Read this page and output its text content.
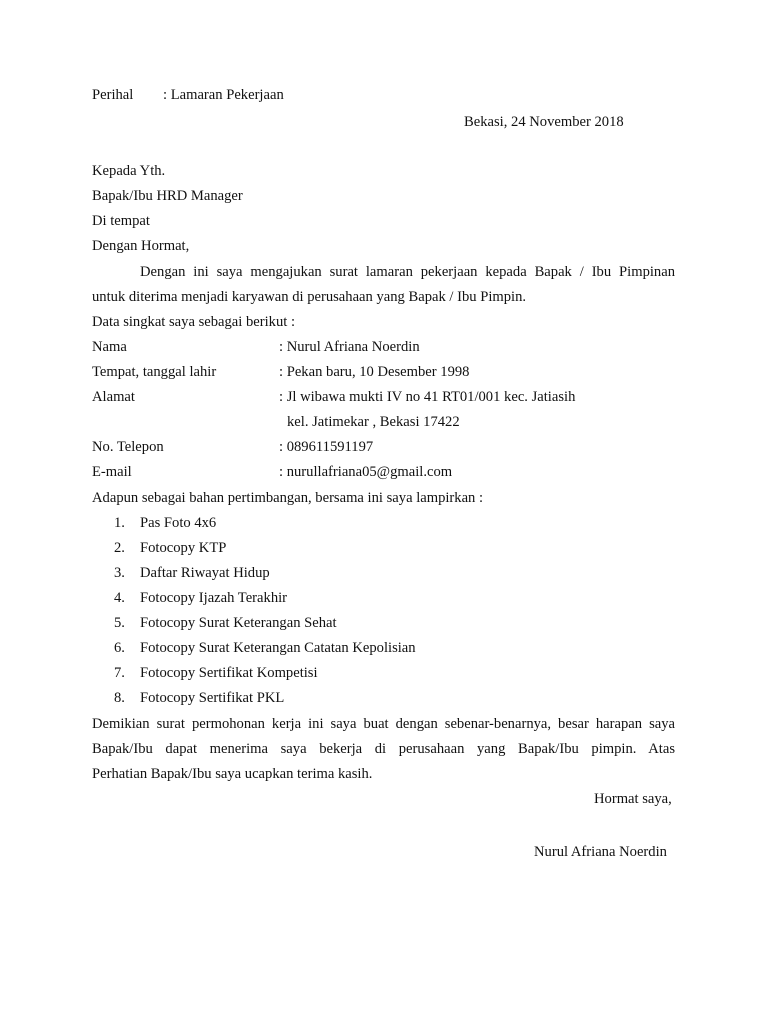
Perihal : Lamaran Pekerjaan
Bekasi, 24 November 2018
Kepada Yth.
Bapak/Ibu HRD Manager
Di tempat
Dengan Hormat,
Dengan ini saya mengajukan surat lamaran pekerjaan kepada Bapak / Ibu Pimpinan
untuk diterima menjadi karyawan di perusahaan yang Bapak / Ibu Pimpin.
Data singkat saya sebagai berikut :
Nama	: Nurul Afriana Noerdin
Tempat, tanggal lahir	: Pekan baru, 10 Desember 1998
Alamat	: Jl wibawa mukti IV no 41 RT01/001 kec. Jatiasih
kel. Jatimekar , Bekasi 17422
No. Telepon	: 089611591197
E-mail	: nurullafriana05@gmail.com
Adapun sebagai bahan pertimbangan, bersama ini saya lampirkan :
1. Pas Foto 4x6
2. Fotocopy KTP
3. Daftar Riwayat Hidup
4. Fotocopy Ijazah Terakhir
5. Fotocopy Surat Keterangan Sehat
6. Fotocopy Surat Keterangan Catatan Kepolisian
7. Fotocopy Sertifikat Kompetisi
8. Fotocopy Sertifikat PKL
Demikian surat permohonan kerja ini saya buat dengan sebenar-benarnya, besar harapan saya
Bapak/Ibu dapat menerima saya bekerja di perusahaan yang Bapak/Ibu pimpin. Atas
Perhatian Bapak/Ibu saya ucapkan terima kasih.
Hormat saya,
Nurul Afriana Noerdin
